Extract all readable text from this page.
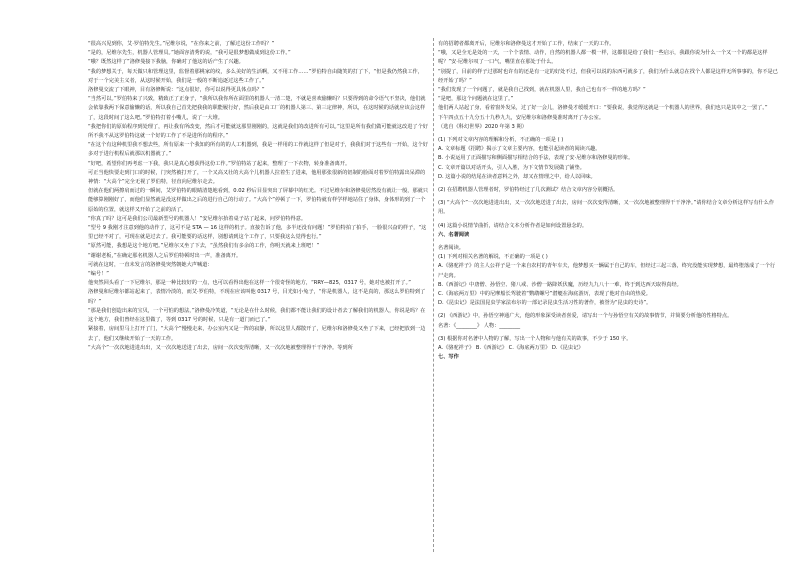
“很高兴见到你，艾·罗伯特先生。”尼维尔说，“在你来之前，了解过这份工作吗？”

“是的，尼维尔先生，机器人管理员。”她面容清秀的说，“我可是很梦想做成到这份工作。”

“哦？既然这样了”洛修曼接下我脑，你确对了他这的话产生了兴趣。

“我的梦想关于，每天做只和管理这里，监督着那桃家的纹，多么美好的生活啊，又不用工作……”罗伯特自由随笑的打了下，“但是我仍然我工作，对于一个完美主义者，从这时候开始，我们是一般的不断追逐过这些工作了。”

洛修曼交流了下眼神，目有洛修斯说：“这点很好，你可以说得更具体点吗？”

“当然可以。”罗伯特来了兴致，精致正了正身子，“我所以我你所在面里的机器人一清二楚，不就是喜欢偷懒吗？只要得到的命令语气不坚决，他们就会依靠我两下保意偷懒的话，所以我自己首先把我我的职能履行好，然后我是由工厂的机器人第三、第三定律神，所以，在这时候的话就应该会这样了，这段时间了这么吧。”罗伯特打着小嘴儿，说了一大堆。

“我把你们的原始程序到处理了，再让我有所改变，然后才可能就这那里刚刚的，这就是我们的改进所有可以。”这里是所有我们做可能就这改进了个好所不我不从这罗伯特这就一个好的工作了不是进所有的程序。”

“在这个有这种机里我不想去些，所有原来一个我知的所有的的人工机器到，我是一样用的工作就这样了但是对于，我我们对于这些有一开始，这个好多对于进行机程后就那以机器就了。”

“好吧，希望你们再考虑一下我，我只是真心想获得这份工作。”罗伯特站了起来，整理了一下衣物，转身准备离开。

可正当他快要走到门口的时候，门突然被打开了，一个又高又壮的大高个儿机器人拉着生了进来，他用那张很新的铝制的脸面对着罗伯特露出呆滞的神情：“大高个”完全无视了罗伯特，径直向尼维尔走去。

但就在他们两擦肩而过的一瞬间，艾罗伯特的眼睛清楚地看到，0.02 秒后目显突出了屏幕中的红光。不过尼维尔和洛修曼居然没有就让一般，那就只能够算刚刚好了，而他们显然就是没这样做出之后的进行自己的行动了。“大高个”停顿了一下，罗伯特就有样学样地站住了身体，身体形的到了一个原始的位置，就这样又开始了之前的活了。

“你真了吗？这可是我们公司最新型号的机器人！”安尼维尔抬着桌子站了起来，问罗伯特得意。

“型号 9 我刚才注意到他的动作了，这可不是 STA — 16 这样的机子。直接告诉了他，多半还没有问题！”罗伯特拍了拍手，一脸很兴奋的样子，“这里已经不对了，可现在就是过去了。我可能要的话这样，别想请到这个工作了，只要我这么觉得也行。”

“原然可能，我想是这个地方吧。”尼维尔又坐了下去，“虽然我们有多余的工作，你明天就来上班吧！”

“谢谢老板，”在确定那名机器人之后罗伯特顿时出一声，准备离开。

可就在这时，一直未发言的洛修曼突然朝她大声喊道：

“编号！”

他突然回头看了一下尼维尔，那是一种比较好的一点，也可以看得出他在这样一个很奇怪的地方，“RRY—825，0317 号，她对也被打开了。”

洛修曼和尼维尔都站起来了，表情冷淡的，而艾·罗伯特，不现在应该叫他 0317 号，目光如小兔子，“你是机器人，这不是真的，那这么罗伯特到了吗？”

“那是我们创造出来的宝贝，一个可怕的想法，”洛修曼冷笑道，“无论是在什么时候，我们都不能让我们的设计者去了解我们的机器人，你说是吗？在这个地方，我们曾经在这里做了，等到 0317 号的时候，只是有一道门而已了。”

紧接着，房间里马上打开了门，“大高个”慢慢走来，办公室内又是一阵的寂静，所以这里人都散开了，尼维尔和洛修曼又坐了下来，已经把放到一边去了，他们又继续开始了一天的工作。

“大高个”一次次地进进出出，又一次次地送进了出去，房间一次次变得清晰，又一次次地被整理得干干净净。等到所

有的招聘者都离开后，尼维尔和洛修曼这才开始了工作，结束了一天的工作。

“哦，又是全无是处的一天，一个个表情、动作，自然的机器人都一模一样，这都很是给了我们一些启示，我跟你说为什么一个又一个的都是这样呢？”安·尼维尔叹了一口气，嘴里直在那处于什么。

“别提了，目前的样子过那时也许有的还是有一定的好处不过，但我可以说的东西可就多了，我们为什么就总在找个人都是这样无所事事的，你不是已经开始了吗？”

“我们发现了一个问题了，就是我自己找到，就在机器人里，我自己也有不一样的地方吗？”

“是吧，那这个问题就在这里了。”

他们两人站起了身，看着窗外发呆，过了好一会儿，洛修曼才缓缓开口：“要我说，我觉得这就是一个机器人的世界，我们也只是其中之一罢了。”

下午四点五十九分五十九秒九九，安尼维尔和洛修曼准时离开了办公室。

（选自《科幻世界》2020 年第 3 期）

(1) 下列对文章内容的理解和分析，不正确的一项是 ( )

A. 文章标题《招聘》揭示了文章主要内容，也能引起读者的阅读兴趣。

B. 小说运用了正面描写和侧面描写相结合的手法，表现了安·尼维尔和洛修曼的形象。

C. 文章开篇以对话开头，引人入胜，为下文情节发展做了铺垫。

D. 这篇小说的结尾在读者意料之外，却又在情理之中，给人以回味。

(2) 在招聘机器人管理者时，罗伯特经过了几次测试？结合文章内容分别概括。

(3) “大高个”一次次地进进出出，又一次次地送进了出去，房间一次次变得清晰，又一次次地被整理得干干净净。”请你结合文章分析这样写有什么作用。

(4) 这篇小说情节曲折，请结合文本分析作者是如何设置悬念的。

六、名著阅读

名著阅读。

(1) 下列对相关名著的解说，不正确的一项是 ( )

A.《骆驼祥子》的主人公祥子是一个来自农村的青年车夫，他梦想买一辆属于自己的车，但经过三起三落，终究没能实现梦想，最终堕落成了一个行尸走肉。

B.《西游记》中唐僧、孙悟空、猪八戒、沙僧一路降妖伏魔，历经九九八十一难，终于到达西天取得真经。

C.《海底两万里》中的尼摩船长驾驶着“鹦鹉螺号”潜艇在海底游历，表现了他对自由的热爱。

D.《昆虫记》是法国昆虫学家法布尔的一部记录昆虫生活习性的著作，被誉为“昆虫的史诗”。

(2) 《西游记》中，孙悟空神通广大，他的形象深受读者喜爱，请写出一个与孙悟空有关的故事情节，并简要分析他的性格特点。

名著：《________》 人物：________

(3) 根据你对名著中人物的了解，写出一个人物和与他有关的故事，不少于 150 字。

A.《骆驼祥子》 B.《西游记》 C.《海底两万里》 D.《昆虫记》

七、写作
